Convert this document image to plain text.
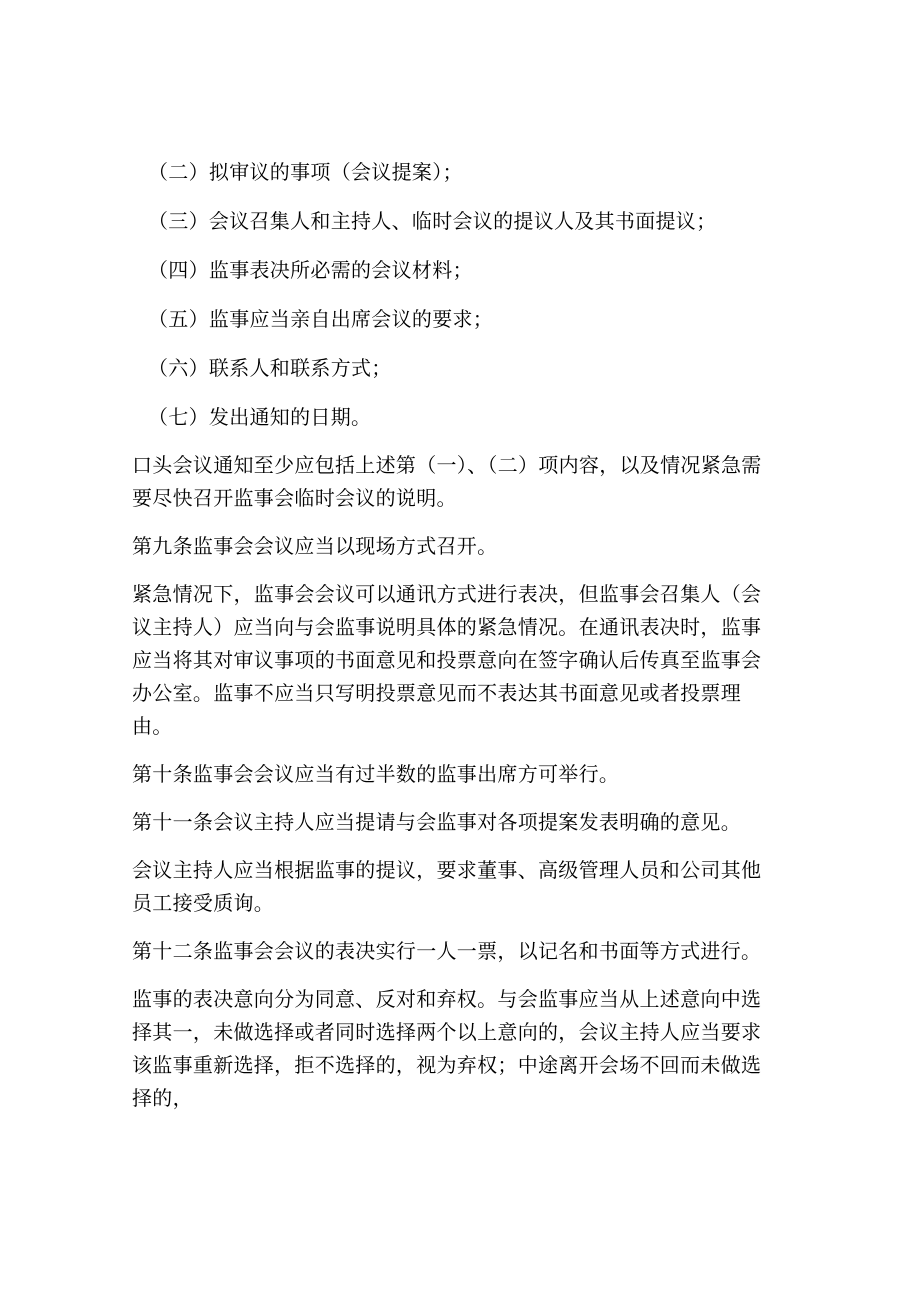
（二）拟审议的事项（会议提案）；

（三）会议召集人和主持人、临时会议的提议人及其书面提议；

（四）监事表决所必需的会议材料；

（五）监事应当亲自出席会议的要求；

（六）联系人和联系方式；

（七）发出通知的日期。

口头会议通知至少应包括上述第（一）、（二）项内容，以及情况紧急需要尽快召开监事会临时会议的说明。

第九条监事会会议应当以现场方式召开。

紧急情况下，监事会会议可以通讯方式进行表决，但监事会召集人（会议主持人）应当向与会监事说明具体的紧急情况。在通讯表决时，监事应当将其对审议事项的书面意见和投票意向在签字确认后传真至监事会办公室。监事不应当只写明投票意见而不表达其书面意见或者投票理由。

第十条监事会会议应当有过半数的监事出席方可举行。

第十一条会议主持人应当提请与会监事对各项提案发表明确的意见。

会议主持人应当根据监事的提议，要求董事、高级管理人员和公司其他员工接受质询。

第十二条监事会会议的表决实行一人一票，以记名和书面等方式进行。

监事的表决意向分为同意、反对和弃权。与会监事应当从上述意向中选择其一，未做选择或者同时选择两个以上意向的，会议主持人应当要求该监事重新选择，拒不选择的，视为弃权；中途离开会场不回而未做选择的，
